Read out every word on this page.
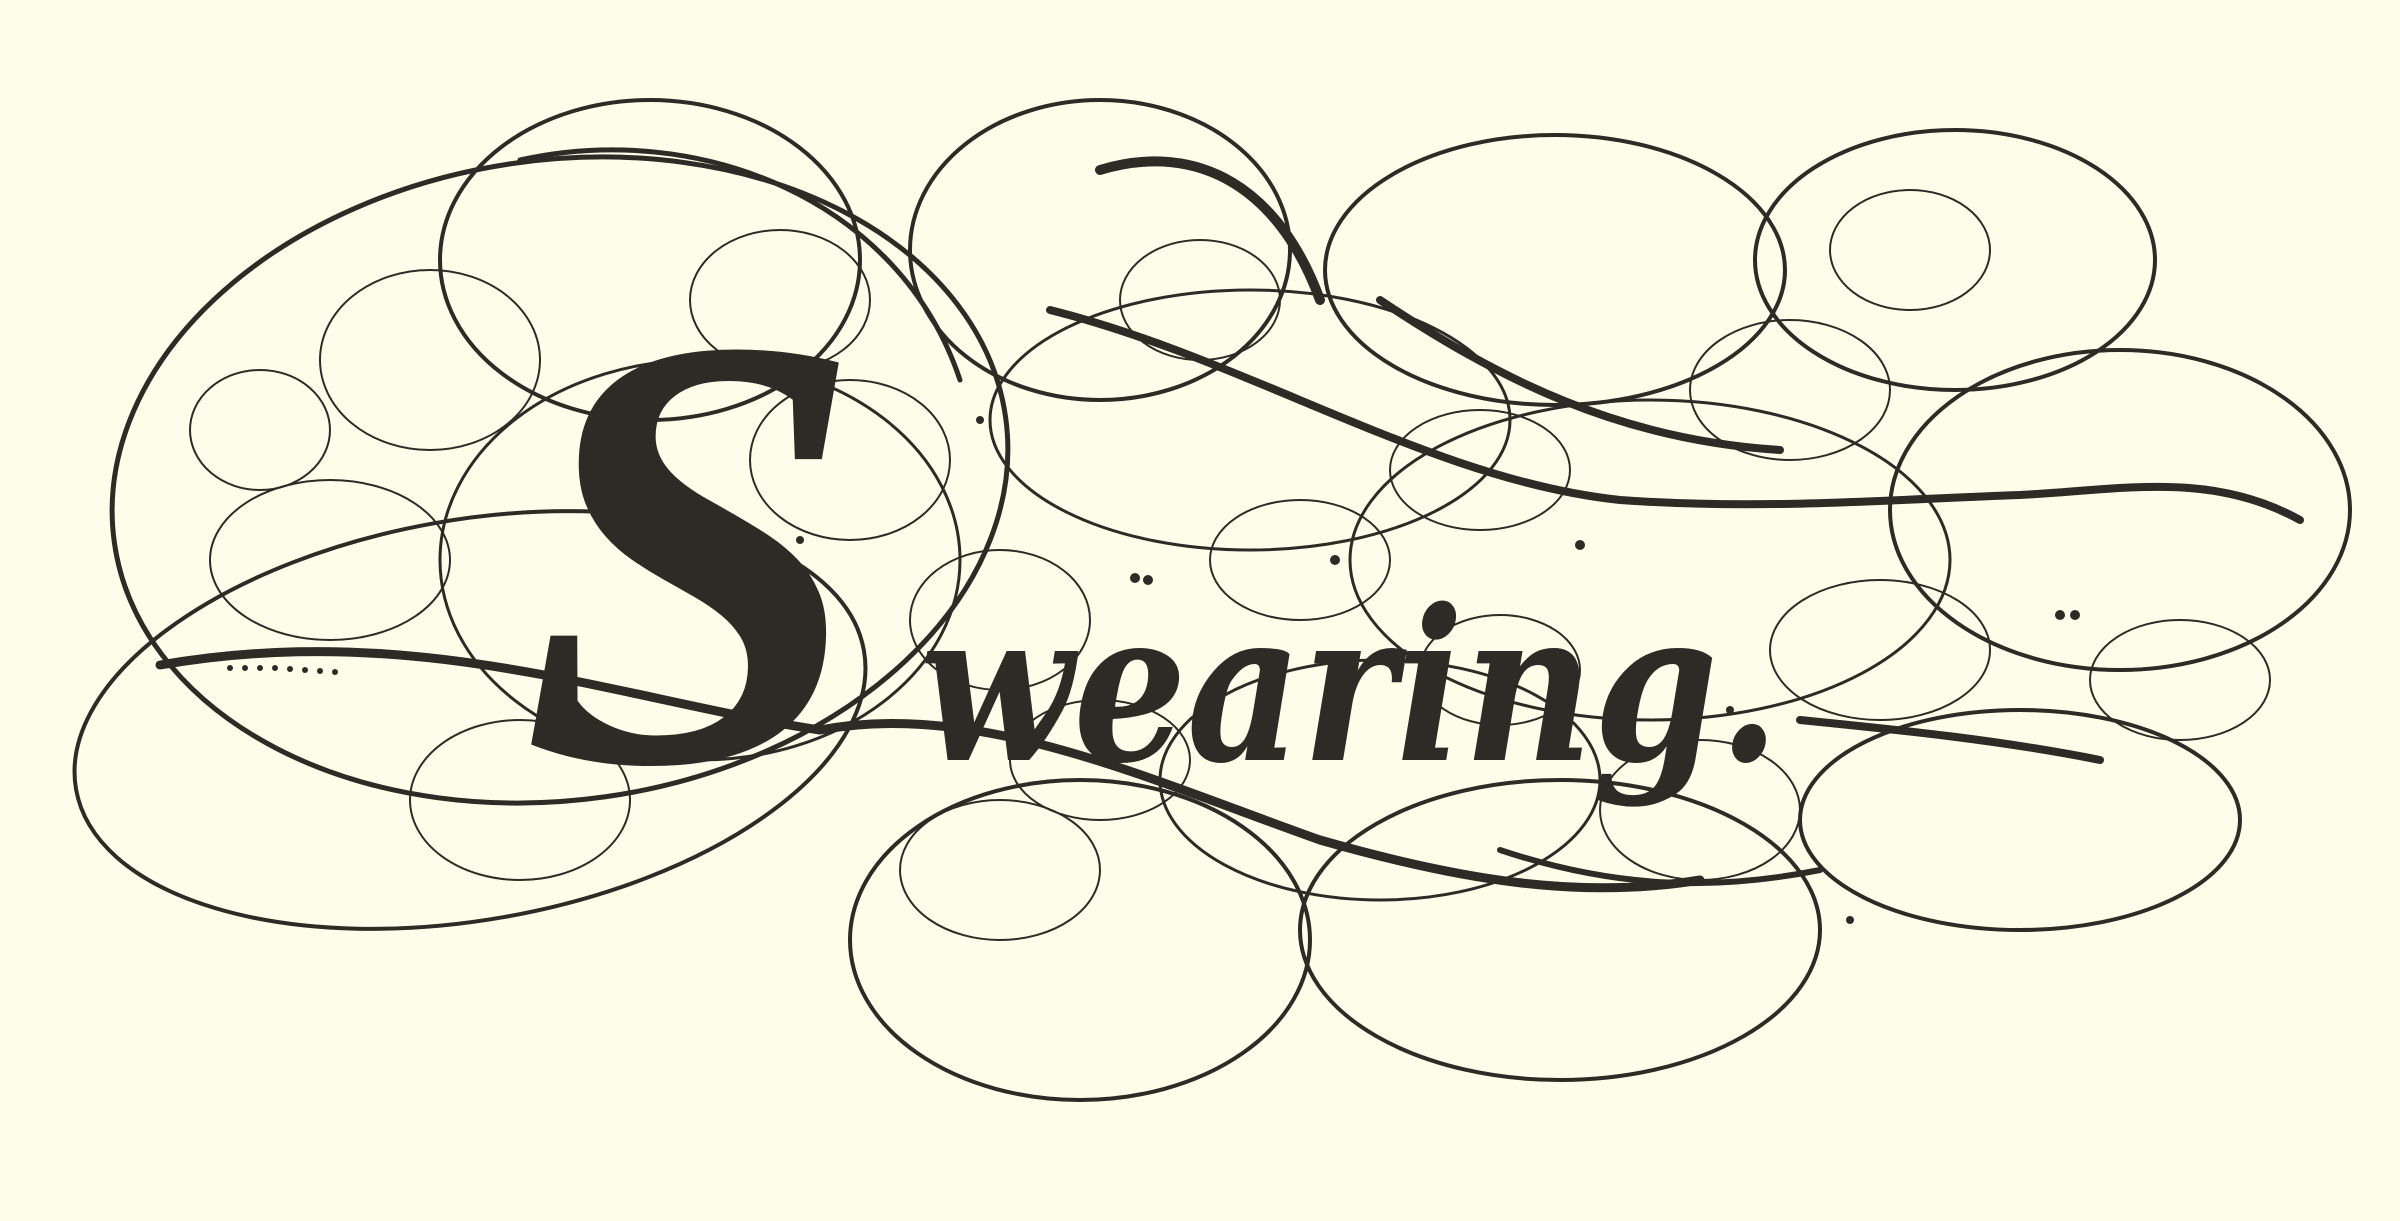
S wearing.
